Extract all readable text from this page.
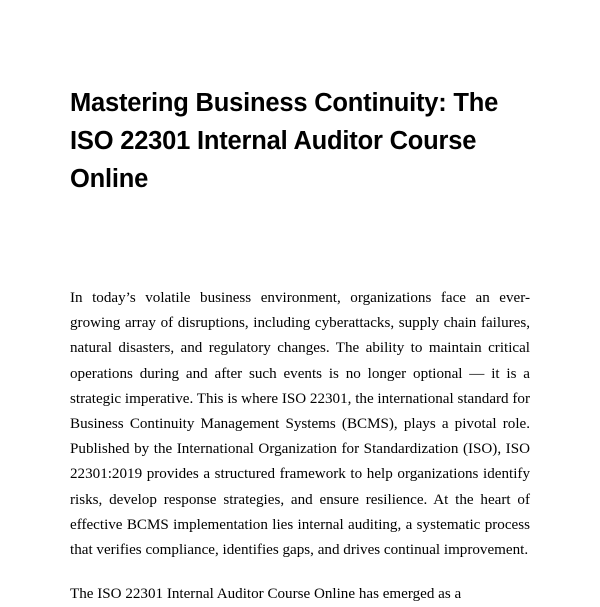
Mastering Business Continuity: The ISO 22301 Internal Auditor Course Online

In today’s volatile business environment, organizations face an ever-growing array of disruptions, including cyberattacks, supply chain failures, natural disasters, and regulatory changes. The ability to maintain critical operations during and after such events is no longer optional — it is a strategic imperative. This is where ISO 22301, the international standard for Business Continuity Management Systems (BCMS), plays a pivotal role. Published by the International Organization for Standardization (ISO), ISO 22301:2019 provides a structured framework to help organizations identify risks, develop response strategies, and ensure resilience. At the heart of effective BCMS implementation lies internal auditing, a systematic process that verifies compliance, identifies gaps, and drives continual improvement.

The ISO 22301 Internal Auditor Course Online has emerged as a
